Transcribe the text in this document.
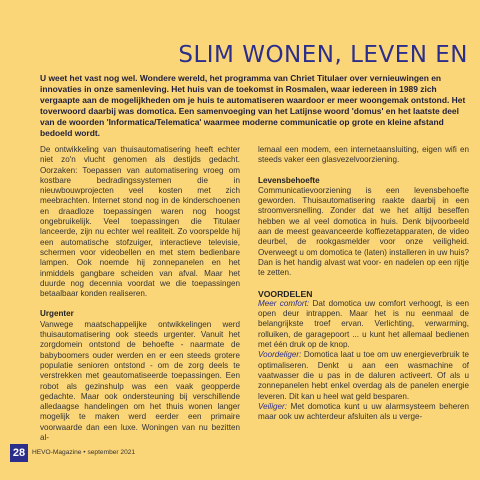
SLIM WONEN, LEVEN EN

U weet het vast nog wel. Wondere wereld, het programma van Chriet Titulaer over vernieuwingen en innovaties in onze samenleving. Het huis van de toekomst in Rosmalen, waar iedereen in 1989 zich vergaapte aan de mogelijkheden om je huis te automatiseren waardoor er meer woongemak ontstond. Het toverwoord daarbij was domotica. Een samenvoeging van het Latijnse woord 'domus' en het laatste deel van de woorden 'Informatica/Telematica' waarmee moderne communicatie op grote en kleine afstand bedoeld wordt.

De ontwikkeling van thuisautomatisering heeft echter niet zo'n vlucht genomen als destijds gedacht. Oorzaken: Toepassen van automatisering vroeg om kostbare bedradingssystemen die in nieuwbouwprojecten veel kosten met zich meebrachten. Internet stond nog in de kinderschoenen en draadloze toepassingen waren nog hoogst ongebruikelijk. Veel toepassingen die Titulaer lanceerde, zijn nu echter wel realiteit. Zo voorspelde hij een automatische stofzuiger, interactieve televisie, schermen voor videobellen en met stem bedienbare lampen. Ook noemde hij zonnepanelen en het inmiddels gangbare scheiden van afval. Maar het duurde nog decennia voordat we die toepassingen betaalbaar konden realiseren.

Urgenter

Vanwege maatschappelijke ontwikkelingen werd thuisautomatisering ook steeds urgenter. Vanuit het zorgdomein ontstond de behoefte - naarmate de babyboomers ouder werden en er een steeds grotere populatie senioren ontstond - om de zorg deels te verstrekken met geautomatiseerde toepassingen. Een robot als gezinshulp was een vaak geopperde gedachte. Maar ook ondersteuning bij verschillende alledaagse handelingen om het thuis wonen langer mogelijk te maken werd eerder een primaire voorwaarde dan een luxe. Woningen van nu bezitten al-

lemaal een modem, een internetaansluiting, eigen wifi en steeds vaker een glasvezelvoorziening.

Levensbehoefte

Communicatievoorziening is een levensbehoefte geworden. Thuisautomatisering raakte daarbij in een stroomversnelling. Zonder dat we het altijd beseffen hebben we al veel domotica in huis. Denk bijvoorbeeld aan de meest geavanceerde koffiezetapparaten, de video deurbel, de rookgasmelder voor onze veiligheid. Overweegt u om domotica te (laten) installeren in uw huis? Dan is het handig alvast wat voor- en nadelen op een rijtje te zetten.

VOORDELEN

Meer comfort: Dat domotica uw comfort verhoogt, is een open deur intrappen. Maar het is nu eenmaal de belangrijkste troef ervan. Verlichting, verwarming, rolluiken, de garagepoort ... u kunt het allemaal bedienen met één druk op de knop.

Voordeliger: Domotica laat u toe om uw energieverbruik te optimaliseren. Denkt u aan een wasmachine of vaatwasser die u pas in de daluren activeert. Of als u zonnepanelen hebt enkel overdag als de panelen energie leveren. Dit kan u heel wat geld besparen.

Veiliger: Met domotica kunt u uw alarmsysteem beheren maar ook uw achterdeur afsluiten als u verge-

28	HEVO-Magazine • september 2021
